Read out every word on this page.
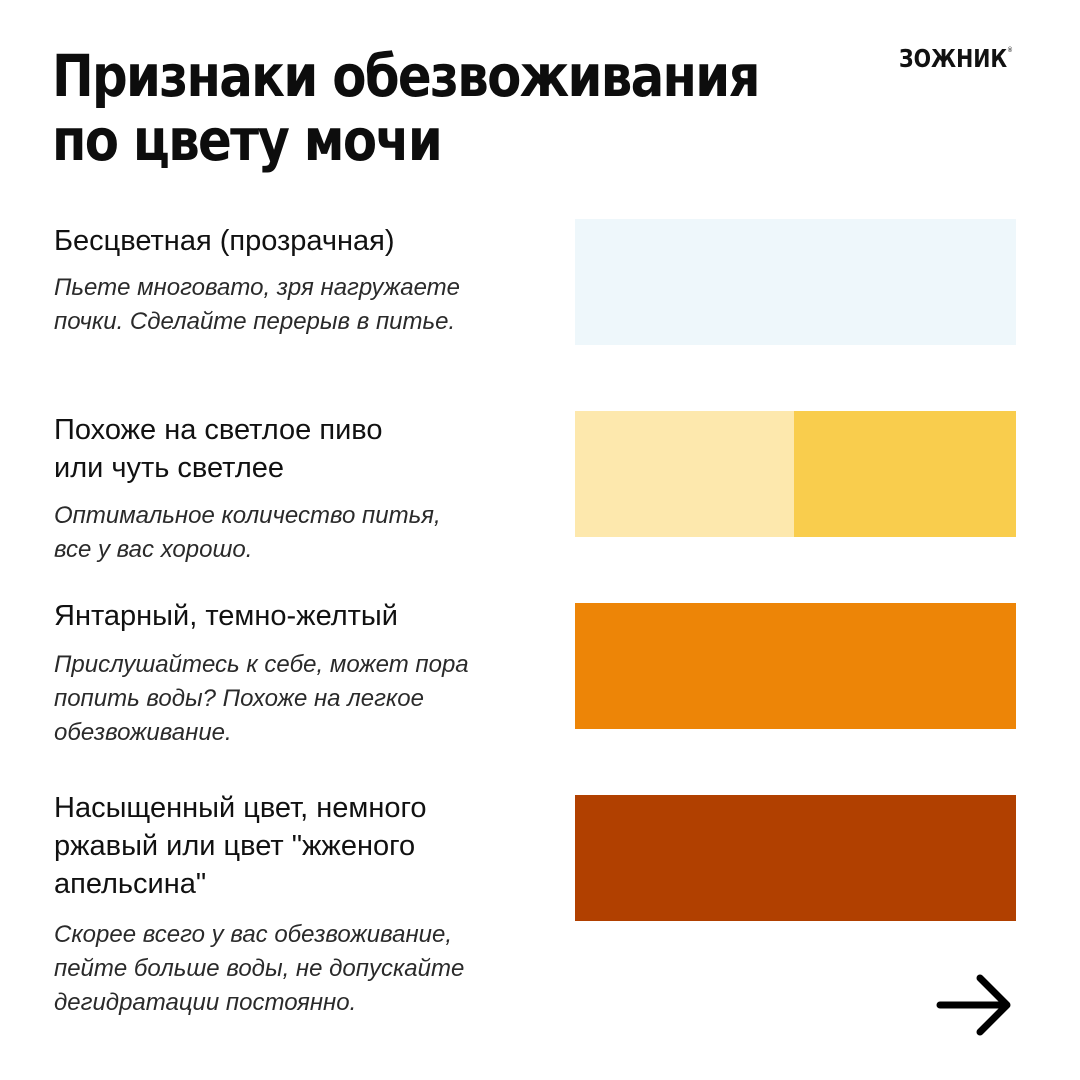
Признаки обезвоживания
по цвету мочи
ЗОЖНИК®
Бесцветная (прозрачная)

Пьете многовато, зря нагружаете
почки. Сделайте перерыв в питье.

Похоже на светлое пиво
или чуть светлее

Оптимальное количество питья,
все у вас хорошо.

Янтарный, темно-желтый

Прислушайтесь к себе, может пора
попить воды? Похоже на легкое
обезвоживание.

Насыщенный цвет, немного
ржавый или цвет "жженого
апельсина"

Скорее всего у вас обезвоживание,
пейте больше воды, не допускайте
дегидратации постоянно.
